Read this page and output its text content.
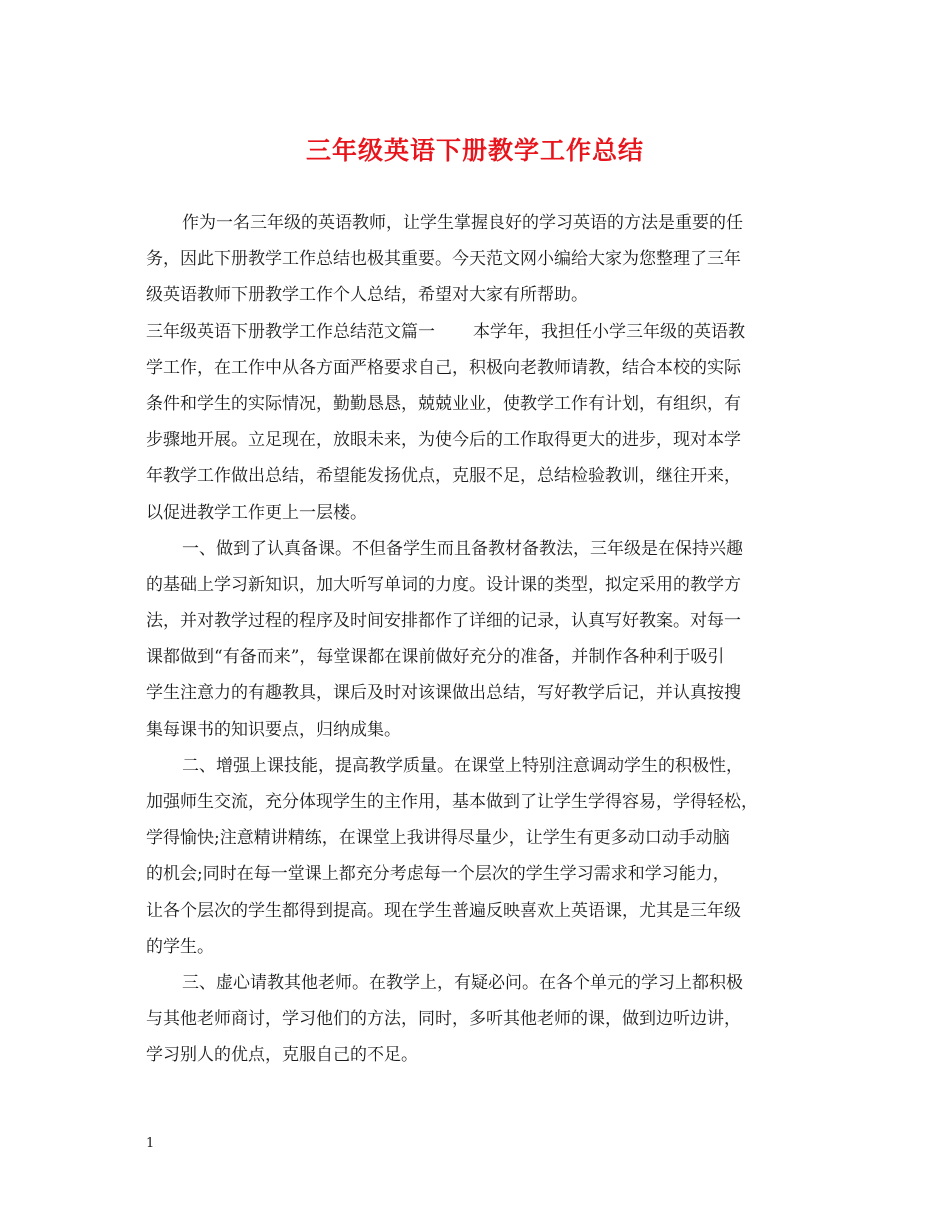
三年级英语下册教学工作总结
作为一名三年级的英语教师，让学生掌握良好的学习英语的方法是重要的任
务，因此下册教学工作总结也极其重要。今天范文网小编给大家为您整理了三年
级英语教师下册教学工作个人总结，希望对大家有所帮助。
三年级英语下册教学工作总结范文篇一 本学年，我担任小学三年级的英语教
学工作，在工作中从各方面严格要求自己，积极向老教师请教，结合本校的实际
条件和学生的实际情况，勤勤恳恳，兢兢业业，使教学工作有计划，有组织，有
步骤地开展。立足现在，放眼未来，为使今后的工作取得更大的进步，现对本学
年教学工作做出总结，希望能发扬优点，克服不足，总结检验教训，继往开来，
以促进教学工作更上一层楼。
一、做到了认真备课。不但备学生而且备教材备教法，三年级是在保持兴趣
的基础上学习新知识，加大听写单词的力度。设计课的类型，拟定采用的教学方
法，并对教学过程的程序及时间安排都作了详细的记录，认真写好教案。对每一
课都做到“有备而来”，每堂课都在课前做好充分的准备，并制作各种利于吸引
学生注意力的有趣教具，课后及时对该课做出总结，写好教学后记，并认真按搜
集每课书的知识要点，归纳成集。
二、增强上课技能，提高教学质量。在课堂上特别注意调动学生的积极性，
加强师生交流，充分体现学生的主作用，基本做到了让学生学得容易，学得轻松，
学得愉快;注意精讲精练，在课堂上我讲得尽量少，让学生有更多动口动手动脑
的机会;同时在每一堂课上都充分考虑每一个层次的学生学习需求和学习能力，
让各个层次的学生都得到提高。现在学生普遍反映喜欢上英语课，尤其是三年级
的学生。
三、虚心请教其他老师。在教学上，有疑必问。在各个单元的学习上都积极
与其他老师商讨，学习他们的方法，同时，多听其他老师的课，做到边听边讲，
学习别人的优点，克服自己的不足。
1
